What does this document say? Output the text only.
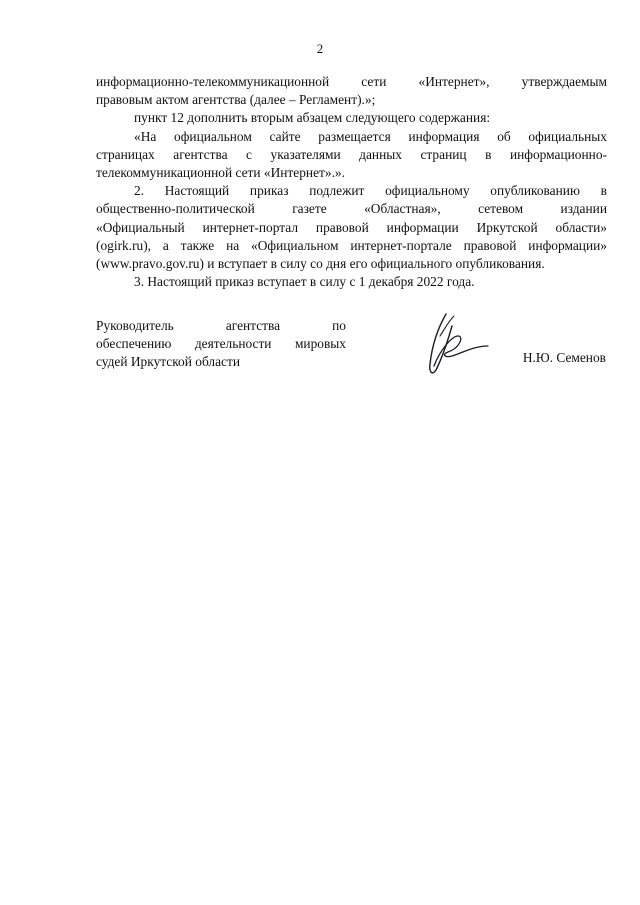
2
информационно-телекоммуникационной сети «Интернет», утверждаемым
правовым актом агентства (далее – Регламент).»;
пункт 12 дополнить вторым абзацем следующего содержания:
«На официальном сайте размещается информация об официальных
страницах агентства с указателями данных страниц в информационно-
телекоммуникационной сети «Интернет».».
2. Настоящий приказ подлежит официальному опубликованию в
общественно-политической газете «Областная», сетевом издании
«Официальный интернет-портал правовой информации Иркутской области»
(ogirk.ru), а также на «Официальном интернет-портале правовой информации»
(www.pravo.gov.ru) и вступает в силу со дня его официального опубликования.
3. Настоящий приказ вступает в силу с 1 декабря 2022 года.
Руководитель агентства по
обеспечению деятельности мировых
судей Иркутской области	Н.Ю. Семенов
